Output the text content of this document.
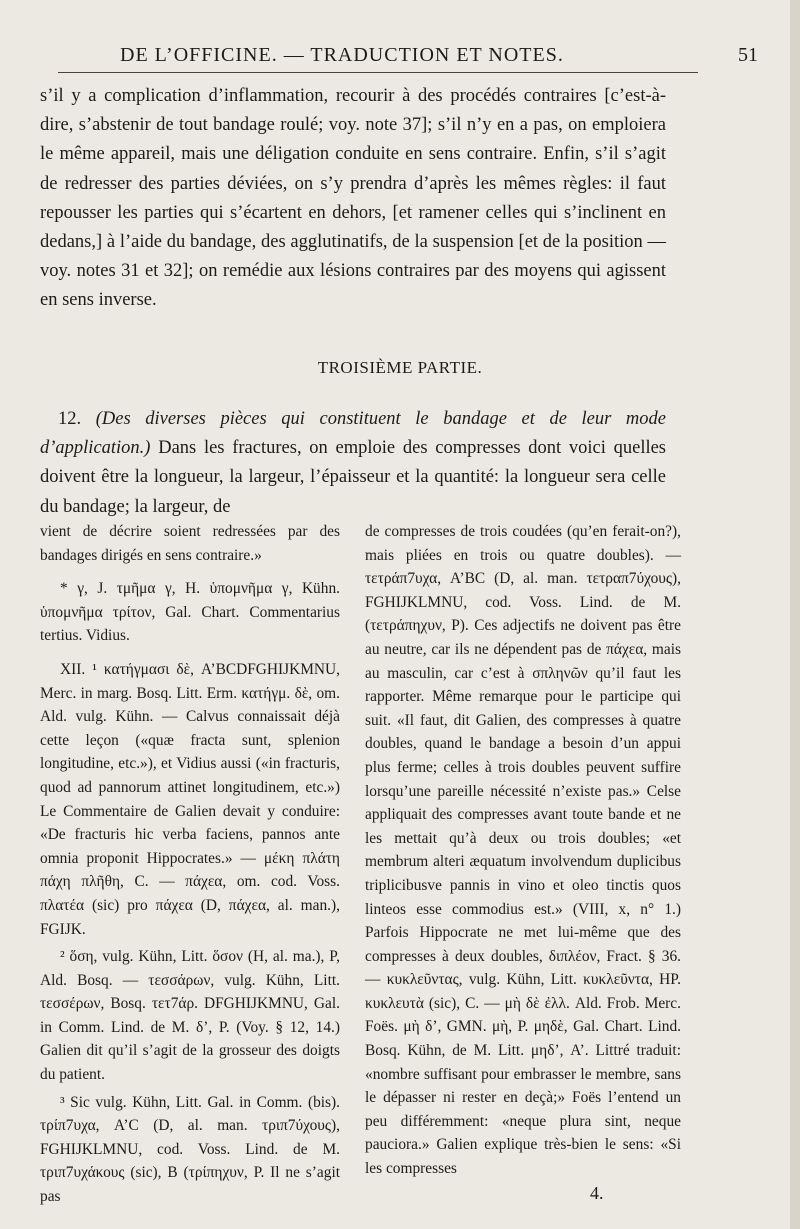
DE L’OFFICINE. — TRADUCTION ET NOTES.	51

s’il y a complication d’inflammation, recourir à des procédés contraires [c’est-à-dire, s’abstenir de tout bandage roulé; voy. note 37]; s’il n’y en a pas, on emploiera le même appareil, mais une déligation conduite en sens contraire. Enfin, s’il s’agit de redresser des parties déviées, on s’y prendra d’après les mêmes règles: il faut repousser les parties qui s’écartent en dehors, [et ramener celles qui s’inclinent en dedans,] à l’aide du bandage, des agglutinatifs, de la suspension [et de la position — voy. notes 31 et 32]; on remédie aux lésions contraires par des moyens qui agissent en sens inverse.

TROISIÈME PARTIE.

12. (Des diverses pièces qui constituent le bandage et de leur mode d’application.) Dans les fractures, on emploie des compresses dont voici quelles doivent être la longueur, la largeur, l’épaisseur et la quantité: la longueur sera celle du bandage; la largeur, de

vient de décrire soient redressées par des bandages dirigés en sens contraire.»

* γ, J. τμῆμα γ, H. ὑπομνῆμα γ, Kühn. ὑπομνῆμα τρίτον, Gal. Chart. Commentarius tertius. Vidius.

XII. ¹ κατήγμασι δὲ, A’BCDFGHIJKMNU, Merc. in marg. Bosq. Litt. Erm. κατήγμ. δὲ, om. Ald. vulg. Kühn. — Calvus connaissait déjà cette leçon («quæ fracta sunt, splenion longitudine, etc.»), et Vidius aussi («in fracturis, quod ad pannorum attinet longitudinem, etc.») Le Commentaire de Galien devait y conduire: «De fracturis hic verba faciens, pannos ante omnia proponit Hippocrates.» — μέκη πλάτη πάχη πλῆθη, C. — πάχεα, om. cod. Voss. πλατέα (sic) pro πάχεα (D, πάχεα, al. man.), FGIJK.

² ὅση, vulg. Kühn, Litt. ὅσον (H, al. ma.), P, Ald. Bosq. — τεσσάρων, vulg. Kühn, Litt. τεσσέρων, Bosq. τετ7άρ. DFGHIJKMNU, Gal. in Comm. Lind. de M. δ’, P. (Voy. § 12, 14.) Galien dit qu’il s’agit de la grosseur des doigts du patient.

³ Sic vulg. Kühn, Litt. Gal. in Comm. (bis). τρίπ7υχα, A’C (D, al. man. τριπ7ύχους), FGHIJKLMNU, cod. Voss. Lind. de M. τριπ7υχάκους (sic), B (τρίπηχυν, P. Il ne s’agit pas

de compresses de trois coudées (qu’en ferait-on?), mais pliées en trois ou quatre doubles). — τετράπ7υχα, A’BC (D, al. man. τετραπ7ύχους), FGHIJKLMNU, cod. Voss. Lind. de M. (τετράπηχυν, P). Ces adjectifs ne doivent pas être au neutre, car ils ne dépendent pas de πάχεα, mais au masculin, car c’est à σπληνῶν qu’il faut les rapporter. Même remarque pour le participe qui suit. «Il faut, dit Galien, des compresses à quatre doubles, quand le bandage a besoin d’un appui plus ferme; celles à trois doubles peuvent suffire lorsqu’une pareille nécessité n’existe pas.» Celse appliquait des compresses avant toute bande et ne les mettait qu’à deux ou trois doubles; «et membrum alteri æquatum involvendum duplicibus triplicibusve pannis in vino et oleo tinctis quos linteos esse commodius est.» (VIII, x, n° 1.) Parfois Hippocrate ne met lui-même que des compresses à deux doubles, διπλέον, Fract. § 36. — κυκλεῦντας, vulg. Kühn, Litt. κυκλεῦντα, HP. κυκλευτὰ (sic), C. — μὴ δὲ ἐλλ. Ald. Frob. Merc. Foës. μὴ δ’, GMN. μὴ, P. μηδὲ, Gal. Chart. Lind. Bosq. Kühn, de M. Litt. μηδ’, A’. Littré traduit: «nombre suffisant pour embrasser le membre, sans le dépasser ni rester en deçà;» Foës l’entend un peu différemment: «neque plura sint, neque pauciora.» Galien explique très-bien le sens: «Si les compresses

4.
